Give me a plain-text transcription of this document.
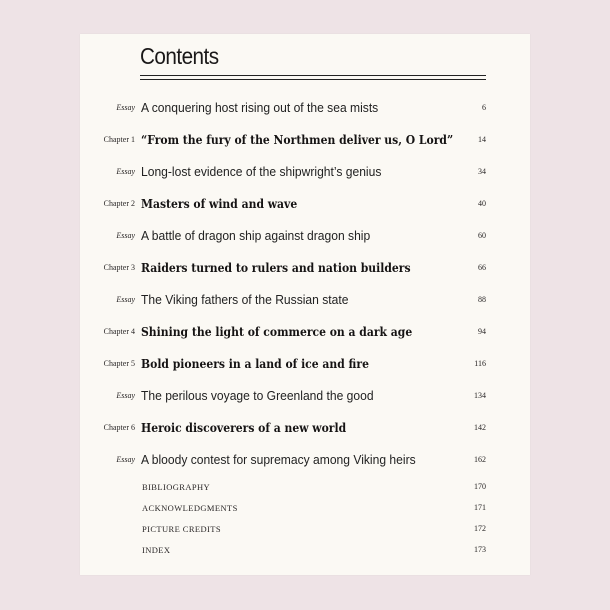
Contents
Essay A conquering host rising out of the sea mists	6
Chapter 1 “From the fury of the Northmen deliver us, O Lord”	14
Essay Long-lost evidence of the shipwright’s genius	34
Chapter 2 Masters of wind and wave	40
Essay A battle of dragon ship against dragon ship	60
Chapter 3 Raiders turned to rulers and nation builders	66
Essay The Viking fathers of the Russian state	88
Chapter 4 Shining the light of commerce on a dark age	94
Chapter 5 Bold pioneers in a land of ice and fire	116
Essay The perilous voyage to Greenland the good	134
Chapter 6 Heroic discoverers of a new world	142
Essay A bloody contest for supremacy among Viking heirs	162
BIBLIOGRAPHY	170
ACKNOWLEDGMENTS	171
PICTURE CREDITS	172
INDEX	173
